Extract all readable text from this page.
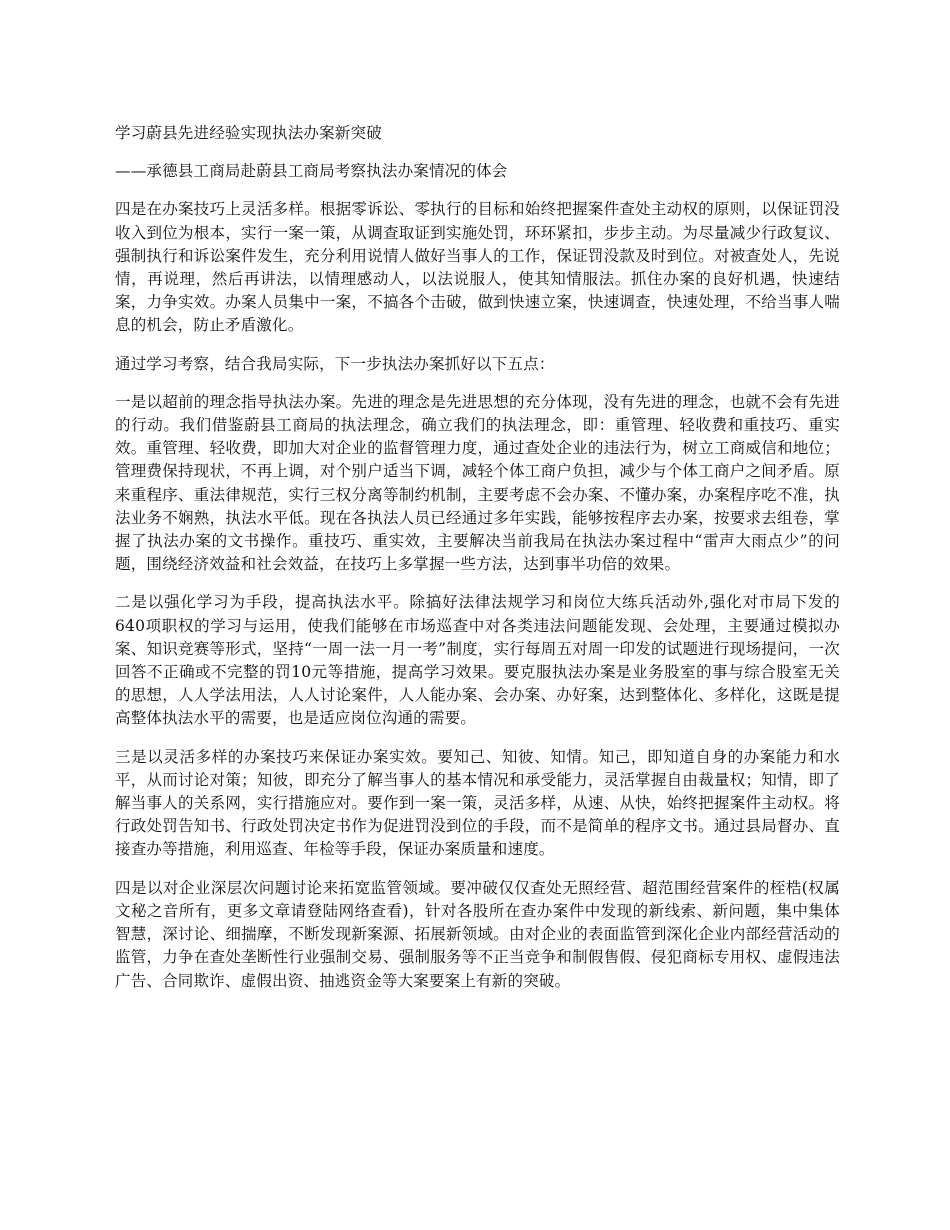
学习蔚县先进经验实现执法办案新突破

——承德县工商局赴蔚县工商局考察执法办案情况的体会

四是在办案技巧上灵活多样。根据零诉讼、零执行的目标和始终把握案件查处主动权的原则，以保证罚没收入到位为根本，实行一案一策，从调查取证到实施处罚，环环紧扣，步步主动。为尽量减少行政复议、强制执行和诉讼案件发生，充分利用说情人做好当事人的工作，保证罚没款及时到位。对被查处人，先说情，再说理，然后再讲法，以情理感动人，以法说服人，使其知情服法。抓住办案的良好机遇，快速结案，力争实效。办案人员集中一案，不搞各个击破，做到快速立案，快速调查，快速处理，不给当事人喘息的机会，防止矛盾激化。

通过学习考察，结合我局实际，下一步执法办案抓好以下五点：

一是以超前的理念指导执法办案。先进的理念是先进思想的充分体现，没有先进的理念，也就不会有先进的行动。我们借鉴蔚县工商局的执法理念，确立我们的执法理念，即：重管理、轻收费和重技巧、重实效。重管理、轻收费，即加大对企业的监督管理力度，通过查处企业的违法行为，树立工商威信和地位；管理费保持现状，不再上调，对个别户适当下调，减轻个体工商户负担，减少与个体工商户之间矛盾。原来重程序、重法律规范，实行三权分离等制约机制，主要考虑不会办案、不懂办案，办案程序吃不准，执法业务不娴熟，执法水平低。现在各执法人员已经通过多年实践，能够按程序去办案，按要求去组卷，掌握了执法办案的文书操作。重技巧、重实效，主要解决当前我局在执法办案过程中“雷声大雨点少”的问题，围绕经济效益和社会效益，在技巧上多掌握一些方法，达到事半功倍的效果。

二是以强化学习为手段，提高执法水平。除搞好法律法规学习和岗位大练兵活动外,强化对市局下发的640项职权的学习与运用，使我们能够在市场巡查中对各类违法问题能发现、会处理，主要通过模拟办案、知识竞赛等形式，坚持“一周一法一月一考”制度，实行每周五对周一印发的试题进行现场提问，一次回答不正确或不完整的罚10元等措施，提高学习效果。要克服执法办案是业务股室的事与综合股室无关的思想，人人学法用法，人人讨论案件，人人能办案、会办案、办好案，达到整体化、多样化，这既是提高整体执法水平的需要，也是适应岗位沟通的需要。

三是以灵活多样的办案技巧来保证办案实效。要知己、知彼、知情。知己，即知道自身的办案能力和水平，从而讨论对策；知彼，即充分了解当事人的基本情况和承受能力，灵活掌握自由裁量权；知情，即了解当事人的关系网，实行措施应对。要作到一案一策，灵活多样，从速、从快，始终把握案件主动权。将行政处罚告知书、行政处罚决定书作为促进罚没到位的手段，而不是简单的程序文书。通过县局督办、直接查办等措施，利用巡查、年检等手段，保证办案质量和速度。

四是以对企业深层次问题讨论来拓宽监管领域。要冲破仅仅查处无照经营、超范围经营案件的桎梏(权属文秘之音所有，更多文章请登陆网络查看)，针对各股所在查办案件中发现的新线索、新问题，集中集体智慧，深讨论、细揣摩，不断发现新案源、拓展新领域。由对企业的表面监管到深化企业内部经营活动的监管，力争在查处垄断性行业强制交易、强制服务等不正当竞争和制假售假、侵犯商标专用权、虚假违法广告、合同欺诈、虚假出资、抽逃资金等大案要案上有新的突破。
